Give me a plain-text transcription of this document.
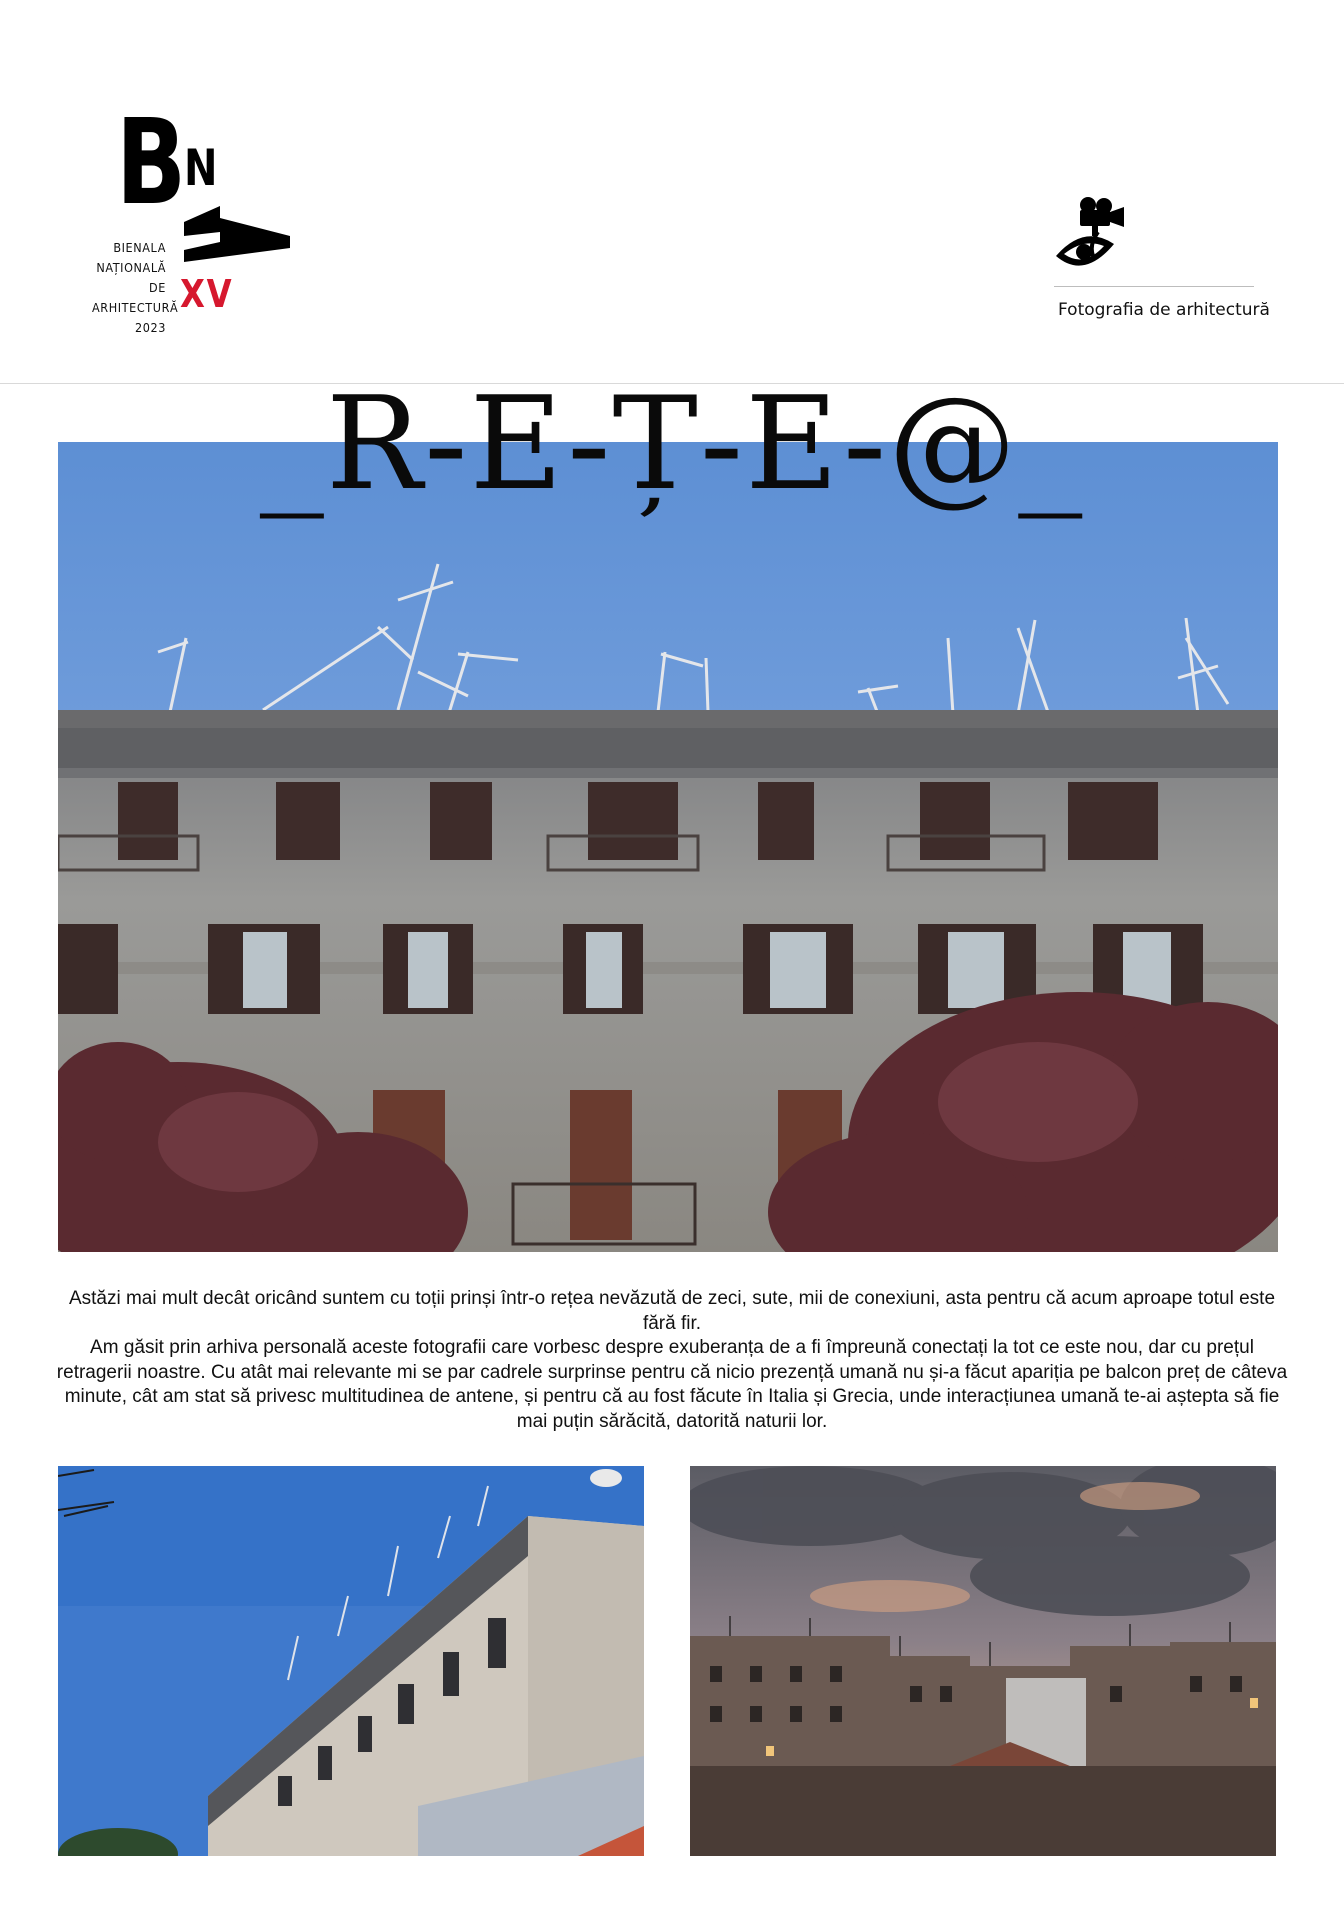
B N
BIENALA
NAȚIONALĂ
DE
ARHITECTURĂ
2023
XV	Fotografia de arhitectură
_R-E-Ț-E-@_

Astăzi mai mult decât oricând suntem cu toții prinși într-o rețea nevăzută de zeci, sute, mii de conexiuni, asta pentru că acum aproape totul este fără fir.

Am găsit prin arhiva personală aceste fotografii care vorbesc despre exuberanța de a fi împreună conectați la tot ce este nou, dar cu prețul retragerii noastre. Cu atât mai relevante mi se par cadrele surprinse pentru că nicio prezență umană nu și-a făcut apariția pe balcon preț de câteva minute, cât am stat să privesc multitudinea de antene, și pentru că au fost făcute în Italia și Grecia, unde interacțiunea umană te-ai aștepta să fie mai puțin sărăcită, datorită naturii lor.
